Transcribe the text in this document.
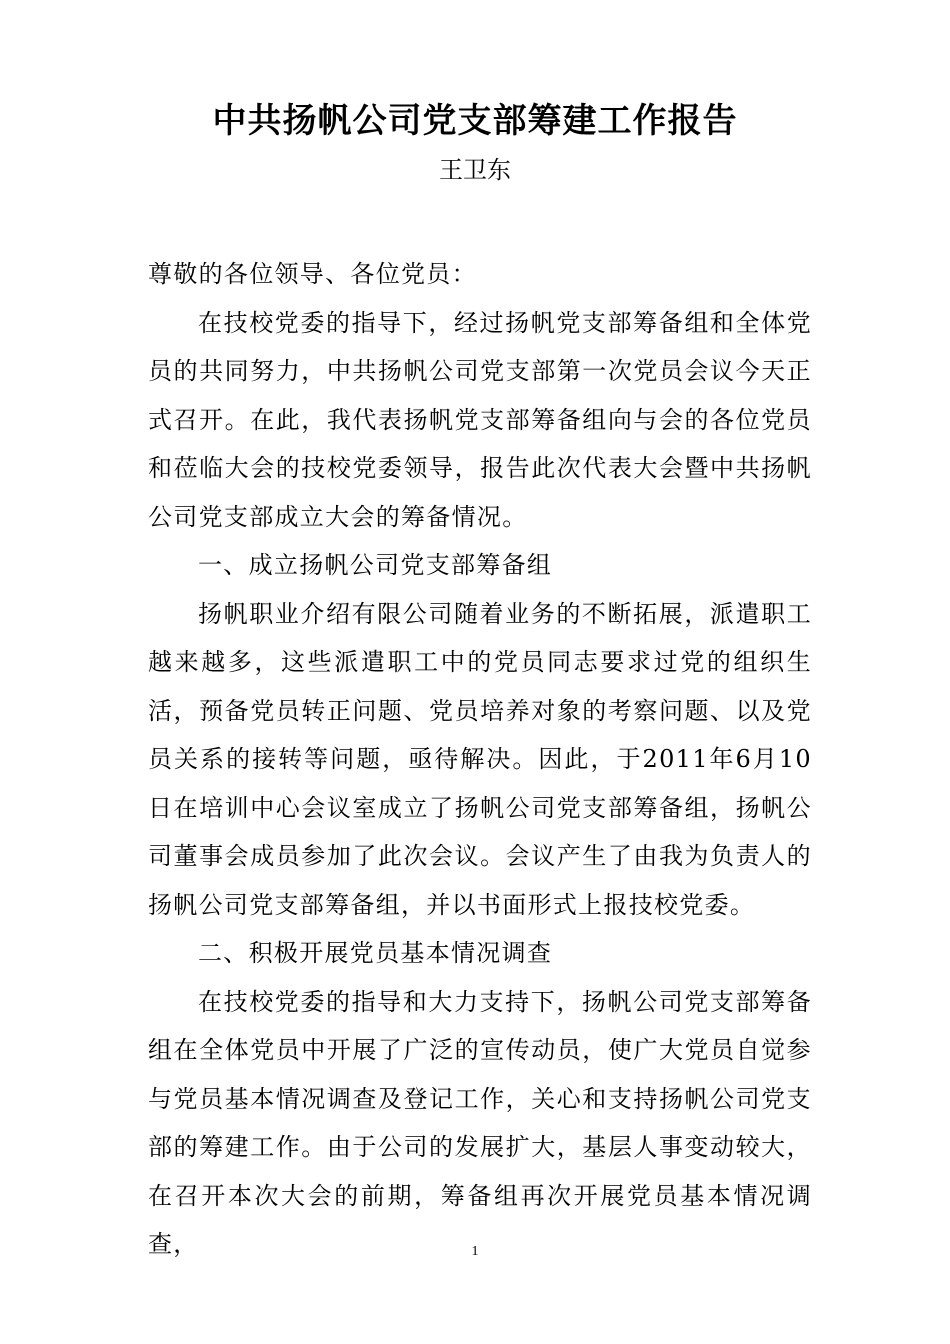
中共扬帆公司党支部筹建工作报告
王卫东

尊敬的各位领导、各位党员：

在技校党委的指导下，经过扬帆党支部筹备组和全体党员的共同努力，中共扬帆公司党支部第一次党员会议今天正式召开。在此，我代表扬帆党支部筹备组向与会的各位党员和莅临大会的技校党委领导，报告此次代表大会暨中共扬帆公司党支部成立大会的筹备情况。

一、成立扬帆公司党支部筹备组

扬帆职业介绍有限公司随着业务的不断拓展，派遣职工越来越多，这些派遣职工中的党员同志要求过党的组织生活，预备党员转正问题、党员培养对象的考察问题、以及党员关系的接转等问题，亟待解决。因此，于2011年6月10日在培训中心会议室成立了扬帆公司党支部筹备组，扬帆公司董事会成员参加了此次会议。会议产生了由我为负责人的扬帆公司党支部筹备组，并以书面形式上报技校党委。

二、积极开展党员基本情况调查

在技校党委的指导和大力支持下，扬帆公司党支部筹备组在全体党员中开展了广泛的宣传动员，使广大党员自觉参与党员基本情况调查及登记工作，关心和支持扬帆公司党支部的筹建工作。由于公司的发展扩大，基层人事变动较大，在召开本次大会的前期，筹备组再次开展党员基本情况调查，	1
